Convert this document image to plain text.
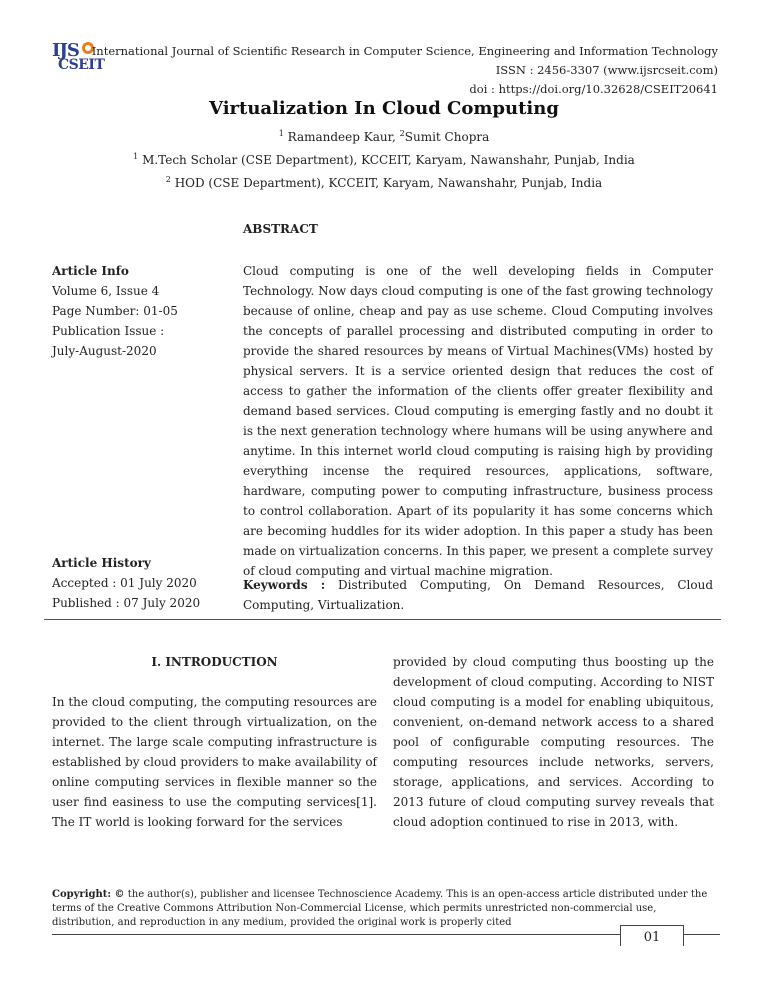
IJS
CSEIT
International Journal of Scientific Research in Computer Science, Engineering and Information Technology
ISSN : 2456-3307 (www.ijsrcseit.com)
doi : https://doi.org/10.32628/CSEIT20641
Virtualization In Cloud Computing
$^1$ Ramandeep Kaur, $^2$Sumit Chopra
$^1$ M.Tech Scholar (CSE Department), KCCEIT, Karyam, Nawanshahr, Punjab, India
$^2$ HOD (CSE Department), KCCEIT, Karyam, Nawanshahr, Punjab, India
ABSTRACT
Article Info
Volume 6, Issue 4
Page Number: 01-05
Publication Issue :
July-August-2020
Cloud computing is one of the well developing fields in Computer Technology. Now days cloud computing is one of the fast growing technology because of online, cheap and pay as use scheme. Cloud Computing involves the concepts of parallel processing and distributed computing in order to provide the shared resources by means of Virtual Machines(VMs) hosted by physical servers. It is a service oriented design that reduces the cost of access to gather the information of the clients offer greater flexibility and demand based services. Cloud computing is emerging fastly and no doubt it is the next generation technology where humans will be using anywhere and anytime. In this internet world cloud computing is raising high by providing everything incense the required resources, applications, software, hardware, computing power to computing infrastructure, business process to control collaboration. Apart of its popularity it has some concerns which are becoming huddles for its wider adoption. In this paper a study has been made on virtualization concerns. In this paper, we present a complete survey of cloud computing and virtual machine migration.
Article History
Accepted : 01 July 2020
Published : 07 July 2020
Keywords : Distributed Computing, On Demand Resources, Cloud Computing, Virtualization.
I. INTRODUCTION
In the cloud computing, the computing resources are provided to the client through virtualization, on the internet. The large scale computing infrastructure is established by cloud providers to make availability of online computing services in flexible manner so the user find easiness to use the computing services[1]. The IT world is looking forward for the services
provided by cloud computing thus boosting up the development of cloud computing. According to NIST cloud computing is a model for enabling ubiquitous, convenient, on-demand network access to a shared pool of configurable computing resources. The computing resources include networks, servers, storage, applications, and services. According to 2013 future of cloud computing survey reveals that cloud adoption continued to rise in 2013, with.
Copyright: © the author(s), publisher and licensee Technoscience Academy. This is an open-access article distributed under the terms of the Creative Commons Attribution Non-Commercial License, which permits unrestricted non-commercial use, distribution, and reproduction in any medium, provided the original work is properly cited
01
